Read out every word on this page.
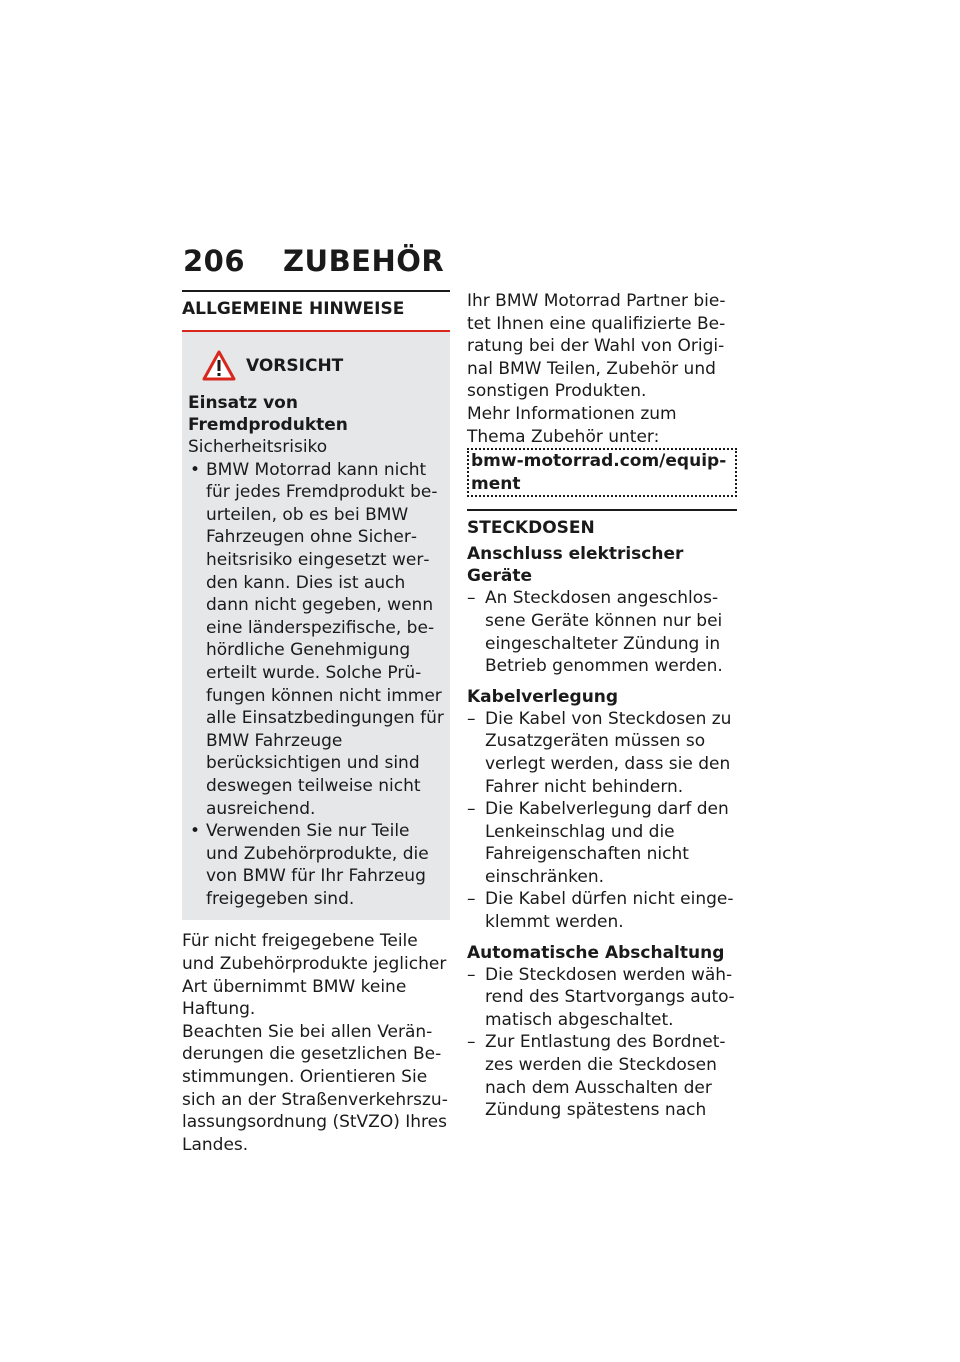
206 ZUBEHÖR
ALLGEMEINE HINWEISE
VORSICHT
Einsatz von Fremdprodukten
Sicherheitsrisiko
• BMW Motorrad kann nicht für jedes Fremdprodukt beurteilen, ob es bei BMW Fahrzeugen ohne Sicherheitsrisiko eingesetzt werden kann. Dies ist auch dann nicht gegeben, wenn eine länderspezifische, behördliche Genehmigung erteilt wurde. Solche Prüfungen können nicht immer alle Einsatzbedingungen für BMW Fahrzeuge berücksichtigen und sind deswegen teilweise nicht ausreichend.
• Verwenden Sie nur Teile und Zubehörprodukte, die von BMW für Ihr Fahrzeug freigegeben sind.
Für nicht freigegebene Teile und Zubehörprodukte jeglicher Art übernimmt BMW keine Haftung.
Beachten Sie bei allen Veränderungen die gesetzlichen Bestimmungen. Orientieren Sie sich an der Straßenverkehrszulassungsordnung (StVZO) Ihres Landes.
Ihr BMW Motorrad Partner bietet Ihnen eine qualifizierte Beratung bei der Wahl von Original BMW Teilen, Zubehör und sonstigen Produkten.
Mehr Informationen zum Thema Zubehör unter:
bmw-motorrad.com/equipment
STECKDOSEN
Anschluss elektrischer Geräte
– An Steckdosen angeschlossene Geräte können nur bei eingeschalteter Zündung in Betrieb genommen werden.
Kabelverlegung
– Die Kabel von Steckdosen zu Zusatzgeräten müssen so verlegt werden, dass sie den Fahrer nicht behindern.
– Die Kabelverlegung darf den Lenkeinschlag und die Fahreigenschaften nicht einschränken.
– Die Kabel dürfen nicht eingeklemmt werden.
Automatische Abschaltung
– Die Steckdosen werden während des Startvorgangs automatisch abgeschaltet.
– Zur Entlastung des Bordnetzes werden die Steckdosen nach dem Ausschalten der Zündung spätestens nach
